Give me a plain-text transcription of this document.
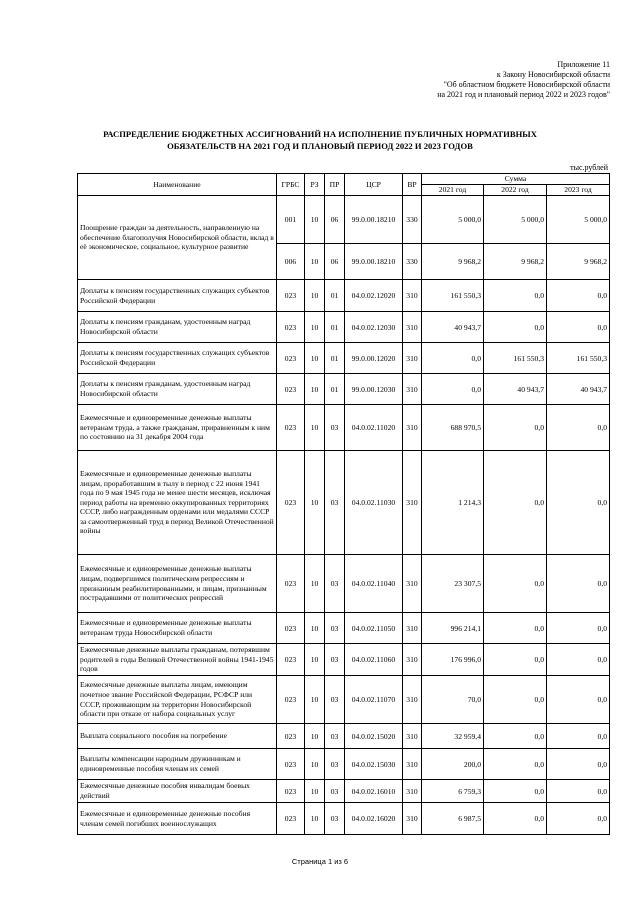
Приложение 11
к Закону Новосибирской области
"Об областном бюджете Новосибирской области
на 2021 год и плановый период 2022 и 2023 годов"
РАСПРЕДЕЛЕНИЕ БЮДЖЕТНЫХ АССИГНОВАНИЙ НА ИСПОЛНЕНИЕ ПУБЛИЧНЫХ НОРМАТИВНЫХ
ОБЯЗАТЕЛЬСТВ НА 2021 ГОД И ПЛАНОВЫЙ ПЕРИОД 2022 И 2023 ГОДОВ
тыс.рублей
Наименование	ГРБС	РЗ	ПР	ЦСР	ВР	Сумма		
						2021 год	2022 год	2023 год
Поощрение граждан за деятельность, направленную на обеспечение благополучия Новосибирской области, вклад в её экономическое, социальное, культурное развитие	001	10	06	99.0.00.18210	330	5 000,0	5 000,0	5 000,0
	006	10	06	99.0.00.18210	330	9 968,2	9 968,2	9 968,2
Доплаты к пенсиям государственных служащих субъектов Российской Федерации	023	10	01	04.0.02.12020	310	161 550,3	0,0	0,0
Доплаты к пенсиям гражданам, удостоенным наград Новосибирской области	023	10	01	04.0.02.12030	310	40 943,7	0,0	0,0
Доплаты к пенсиям государственных служащих субъектов Российской Федерации	023	10	01	99.0.00.12020	310	0,0	161 550,3	161 550,3
Доплаты к пенсиям гражданам, удостоенным наград Новосибирской области	023	10	01	99.0.00.12030	310	0,0	40 943,7	40 943,7
Ежемесячные и единовременные денежные выплаты ветеранам труда, а также гражданам, приравненным к ним по состоянию на 31 декабря 2004 года	023	10	03	04.0.02.11020	310	688 970,5	0,0	0,0
Ежемесячные и единовременные денежные выплаты лицам, проработавшим в тылу в период с 22 июня 1941 года по 9 мая 1945 года не менее шести месяцев, исключая период работы на временно оккупированных территориях СССР, либо награжденным орденами или медалями СССР за самоотверженный труд в период Великой Отечественной войны	023	10	03	04.0.02.11030	310	1 214,3	0,0	0,0
Ежемесячные и единовременные денежные выплаты лицам, подвергшимся политическим репрессиям и признанным реабилитированными, и лицам, признанным пострадавшими от политических репрессий	023	10	03	04.0.02.11040	310	23 307,5	0,0	0,0
Ежемесячные и единовременные денежные выплаты ветеранам труда Новосибирской области	023	10	03	04.0.02.11050	310	996 214,1	0,0	0,0
Ежемесячные денежные выплаты гражданам, потерявшим родителей в годы Великой Отечественной войны 1941-1945 годов	023	10	03	04.0.02.11060	310	176 996,0	0,0	0,0
Ежемесячные денежные выплаты лицам, имеющим почетное звание Российской Федерации, РСФСР или СССР, проживающим на территории Новосибирской области при отказе от набора социальных услуг	023	10	03	04.0.02.11070	310	70,0	0,0	0,0
Выплата социального пособия на погребение	023	10	03	04.0.02.15020	310	32 959,4	0,0	0,0
Выплаты компенсации народным дружинникам и единовременные пособия членам их семей	023	10	03	04.0.02.15030	310	200,0	0,0	0,0
Ежемесячные денежные пособия инвалидам боевых действий	023	10	03	04.0.02.16010	310	6 759,3	0,0	0,0
Ежемесячные и единовременные денежные пособия членам семей погибших военнослужащих	023	10	03	04.0.02.16020	310	6 987,5	0,0	0,0
Страница 1 из 6
